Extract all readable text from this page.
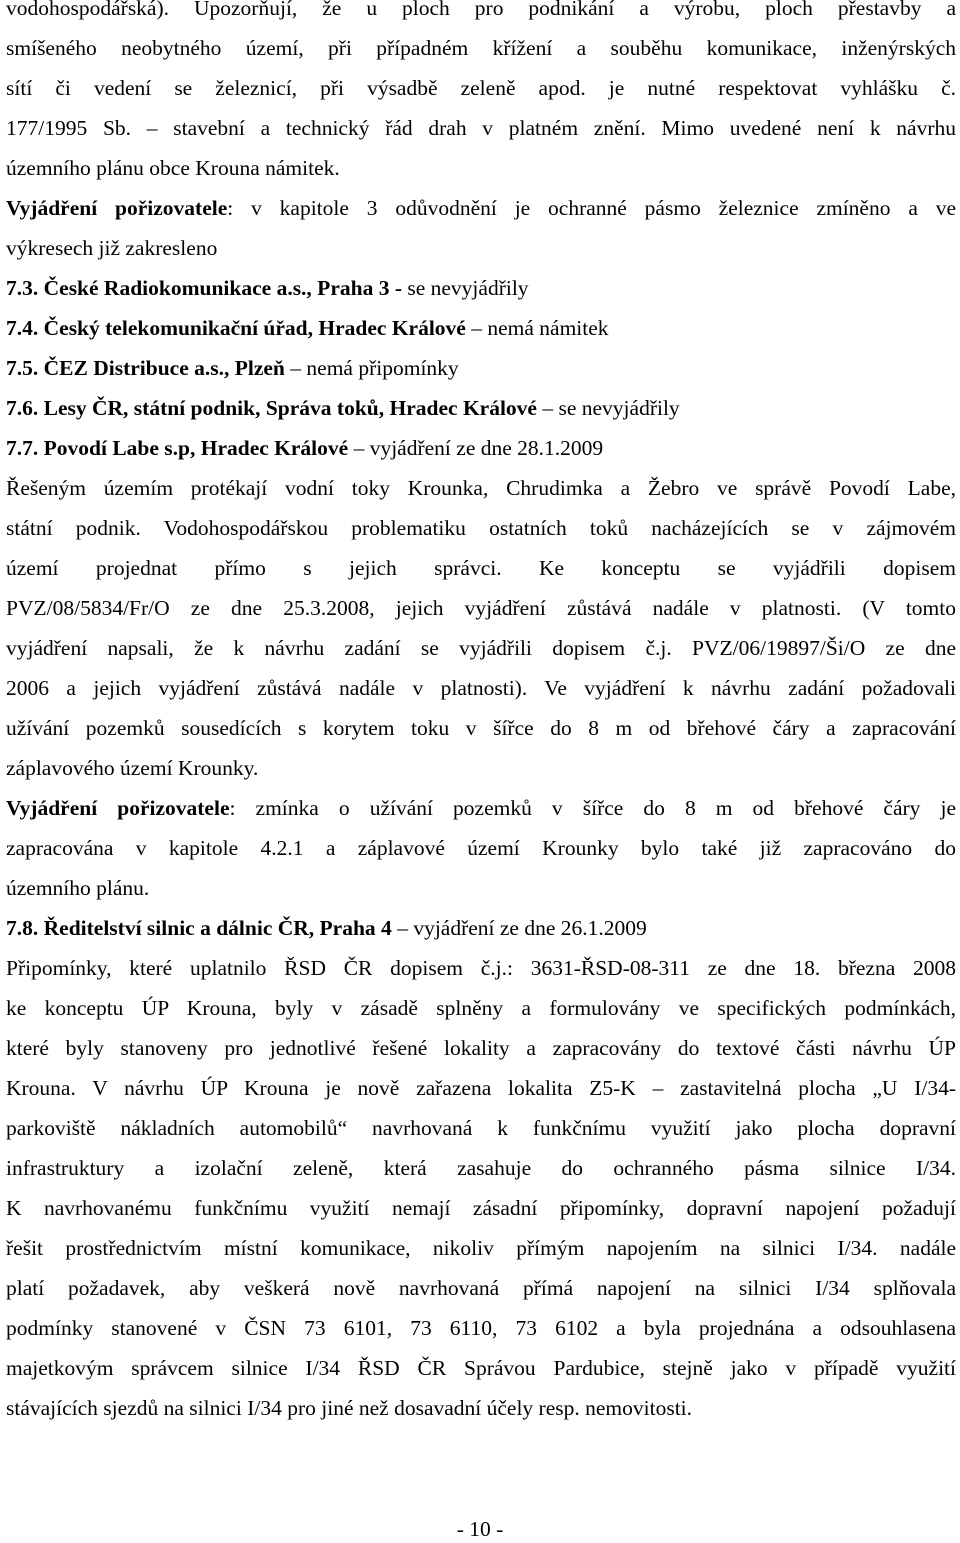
vodohospodářská). Upozorňují, že u ploch pro podnikání a výrobu, ploch přestavby a
smíšeného neobytného území, při případném křížení a souběhu komunikace, inženýrských
sítí či vedení se železnicí, při výsadbě zeleně apod. je nutné respektovat vyhlášku č.
177/1995 Sb. – stavební a technický řád drah v platném znění. Mimo uvedené není k návrhu
územního plánu obce Krouna námitek.
Vyjádření pořizovatele: v kapitole 3 odůvodnění je ochranné pásmo železnice zmíněno a ve
výkresech již zakresleno
7.3. České Radiokomunikace a.s., Praha 3 - se nevyjádřily
7.4. Český telekomunikační úřad, Hradec Králové – nemá námitek
7.5. ČEZ Distribuce a.s., Plzeň – nemá připomínky
7.6. Lesy ČR, státní podnik, Správa toků, Hradec Králové – se nevyjádřily
7.7. Povodí Labe s.p, Hradec Králové – vyjádření ze dne 28.1.2009
Řešeným územím protékají vodní toky Krounka, Chrudimka a Žebro ve správě Povodí Labe,
státní podnik. Vodohospodářskou problematiku ostatních toků nacházejících se v zájmovém
území projednat přímo s jejich správci. Ke konceptu se vyjádřili dopisem
PVZ/08/5834/Fr/O ze dne 25.3.2008, jejich vyjádření zůstává nadále v platnosti. (V tomto
vyjádření napsali, že k návrhu zadání se vyjádřili dopisem č.j. PVZ/06/19897/Ši/O ze dne
2006 a jejich vyjádření zůstává nadále v platnosti). Ve vyjádření k návrhu zadání požadovali
užívání pozemků sousedících s korytem toku v šířce do 8 m od břehové čáry a zapracování
záplavového území Krounky.
Vyjádření pořizovatele: zmínka o užívání pozemků v šířce do 8 m od břehové čáry je
zapracována v kapitole 4.2.1 a záplavové území Krounky bylo také již zapracováno do
územního plánu.
7.8. Ředitelství silnic a dálnic ČR, Praha 4 – vyjádření ze dne 26.1.2009
Připomínky, které uplatnilo ŘSD ČR dopisem č.j.: 3631-ŘSD-08-311 ze dne 18. března 2008
ke konceptu ÚP Krouna, byly v zásadě splněny a formulovány ve specifických podmínkách,
které byly stanoveny pro jednotlivé řešené lokality a zapracovány do textové části návrhu ÚP
Krouna. V návrhu ÚP Krouna je nově zařazena lokalita Z5-K – zastavitelná plocha „U I/34-
parkoviště nákladních automobilů“ navrhovaná k funkčnímu využití jako plocha dopravní
infrastruktury a izolační zeleně, která zasahuje do ochranného pásma silnice I/34.
K navrhovanému funkčnímu využití nemají zásadní připomínky, dopravní napojení požadují
řešit prostřednictvím místní komunikace, nikoliv přímým napojením na silnici I/34. nadále
platí požadavek, aby veškerá nově navrhovaná přímá napojení na silnici I/34 splňovala
podmínky stanovené v ČSN 73 6101, 73 6110, 73 6102 a byla projednána a odsouhlasena
majetkovým správcem silnice I/34 ŘSD ČR Správou Pardubice, stejně jako v případě využití
stávajících sjezdů na silnici I/34 pro jiné než dosavadní účely resp. nemovitosti.
- 10 -
